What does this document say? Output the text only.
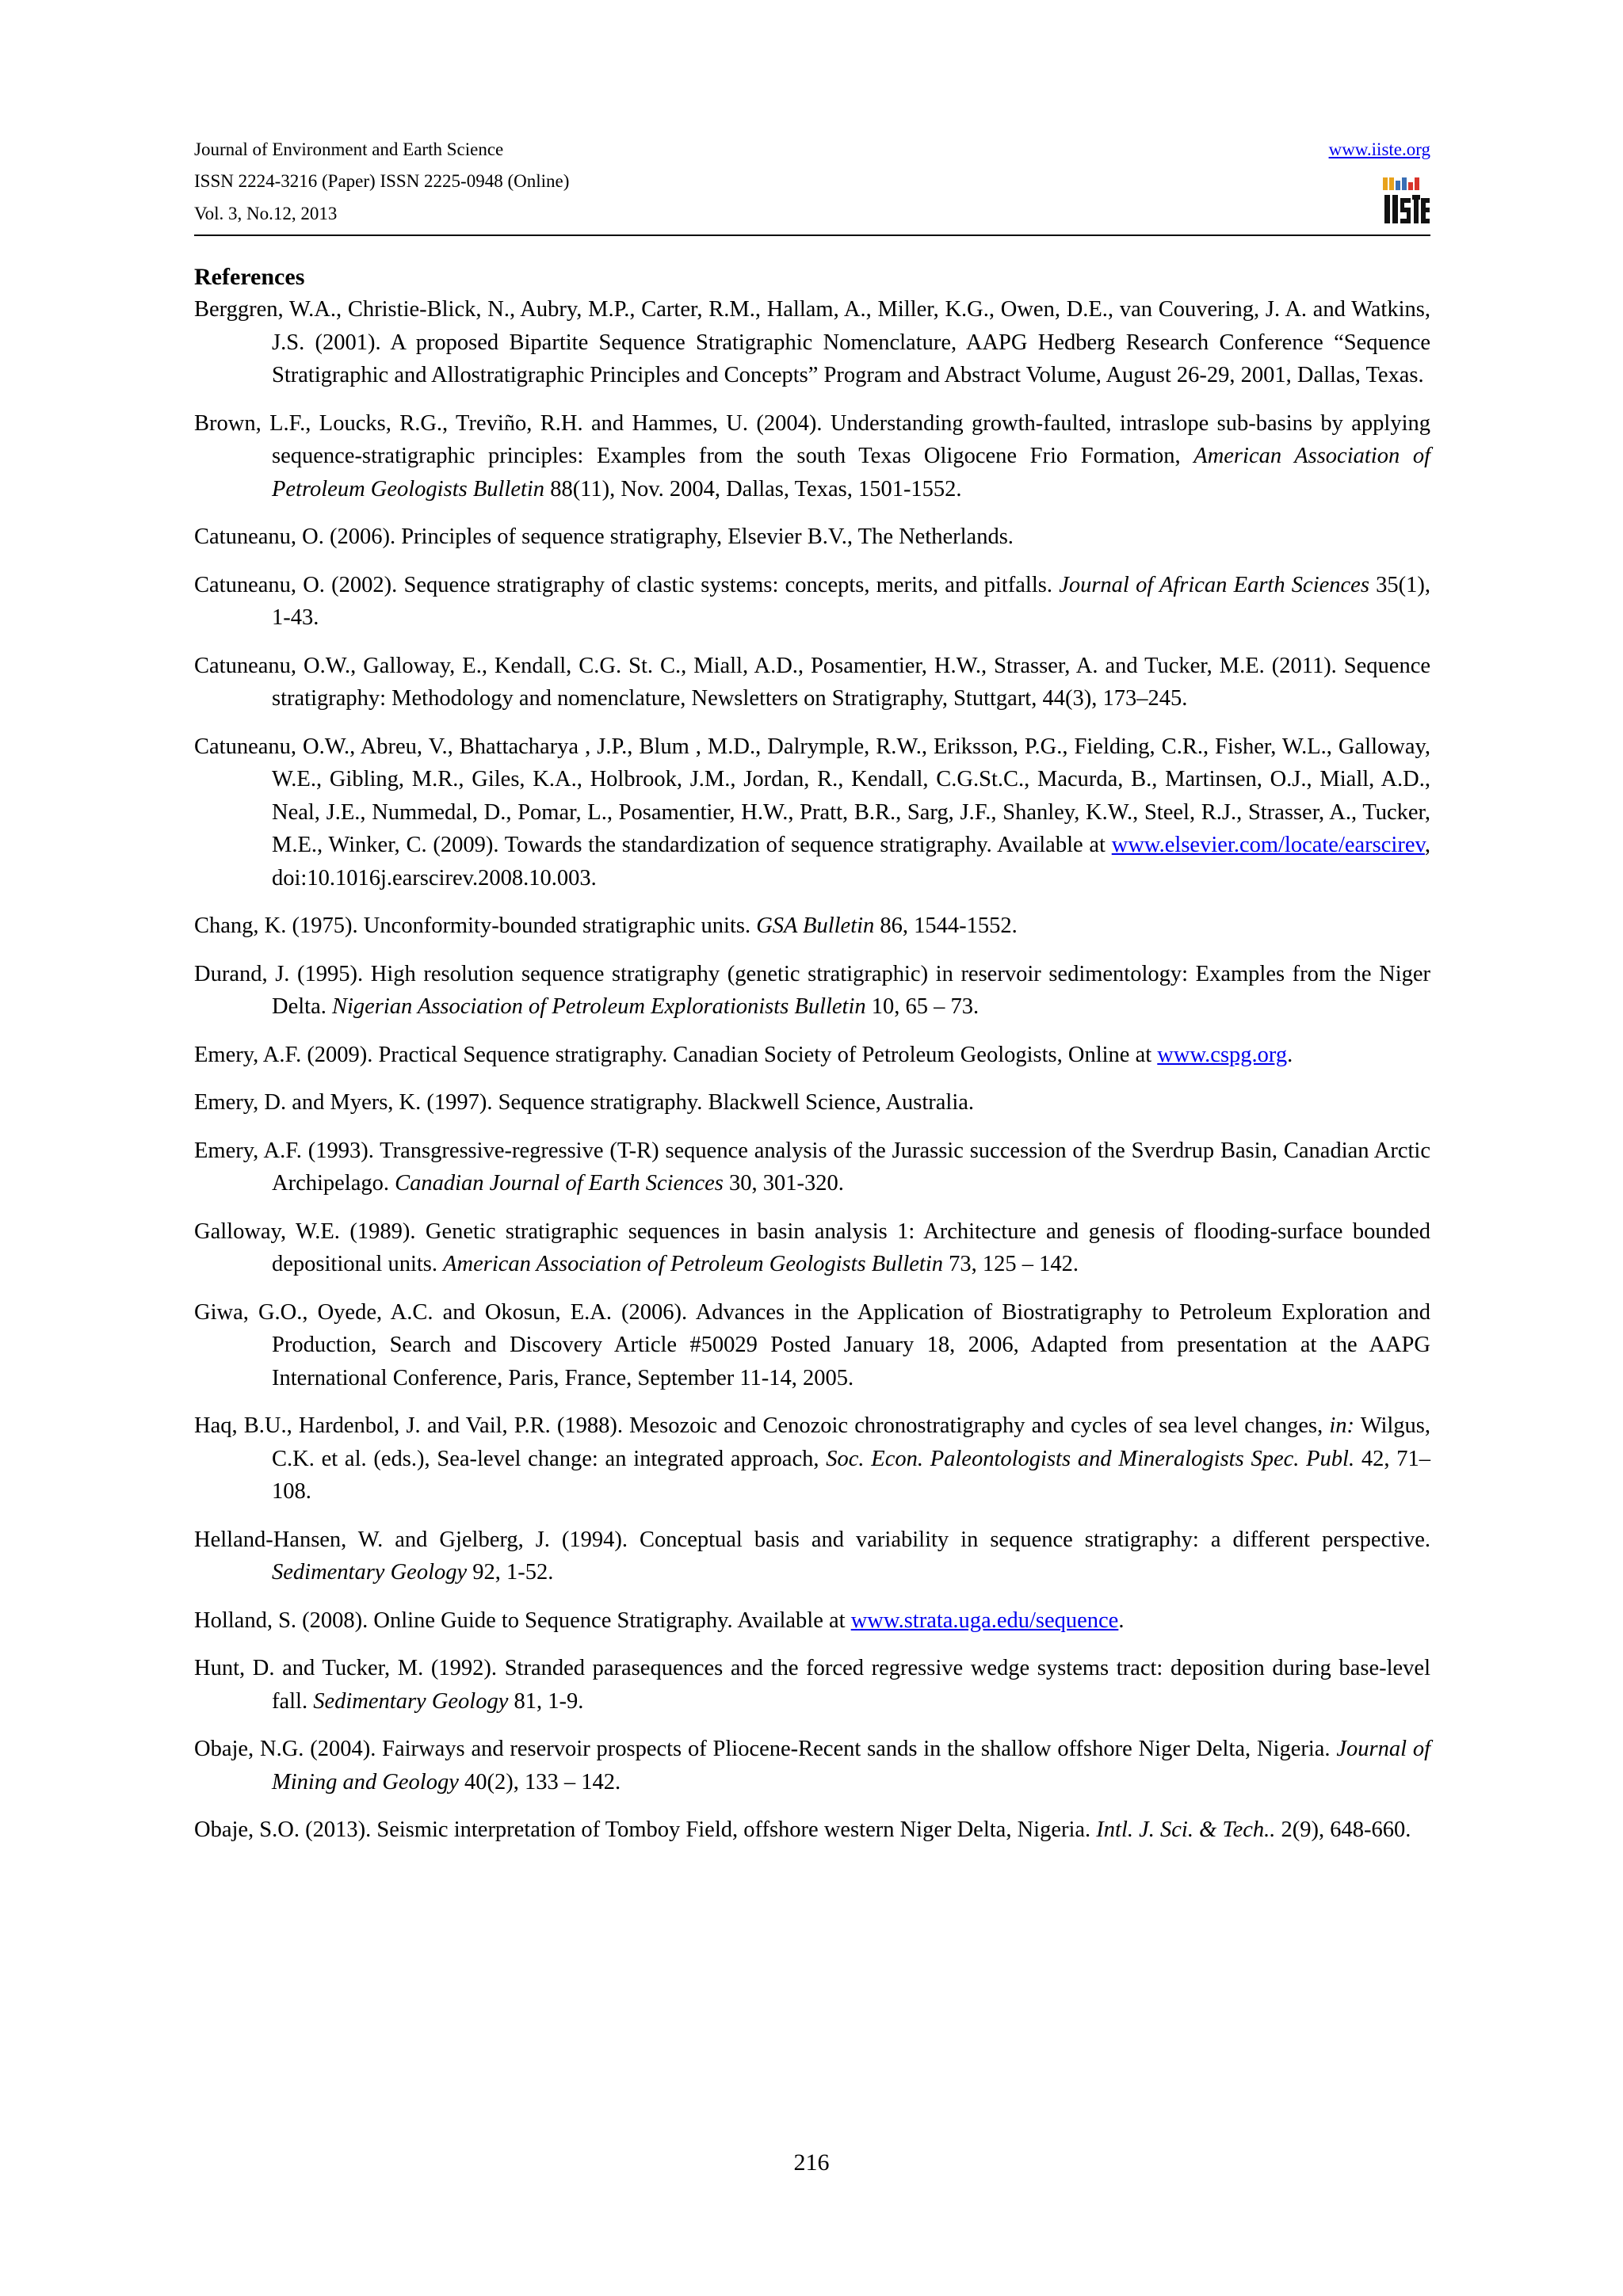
Journal of Environment and Earth Science
ISSN 2224-3216 (Paper) ISSN 2225-0948 (Online)
Vol. 3, No.12, 2013
www.iiste.org
References
Berggren, W.A., Christie-Blick, N., Aubry, M.P., Carter, R.M., Hallam, A., Miller, K.G., Owen, D.E., van Couvering, J. A. and Watkins, J.S. (2001). A proposed Bipartite Sequence Stratigraphic Nomenclature, AAPG Hedberg Research Conference “Sequence Stratigraphic and Allostratigraphic Principles and Concepts” Program and Abstract Volume, August 26-29, 2001, Dallas, Texas.
Brown, L.F., Loucks, R.G., Treviño, R.H. and Hammes, U. (2004). Understanding growth-faulted, intraslope sub-basins by applying sequence-stratigraphic principles: Examples from the south Texas Oligocene Frio Formation, American Association of Petroleum Geologists Bulletin 88(11), Nov. 2004, Dallas, Texas, 1501-1552.
Catuneanu, O. (2006). Principles of sequence stratigraphy, Elsevier B.V., The Netherlands.
Catuneanu, O. (2002). Sequence stratigraphy of clastic systems: concepts, merits, and pitfalls. Journal of African Earth Sciences 35(1), 1-43.
Catuneanu, O.W., Galloway, E., Kendall, C.G. St. C., Miall, A.D., Posamentier, H.W., Strasser, A. and Tucker, M.E. (2011). Sequence stratigraphy: Methodology and nomenclature, Newsletters on Stratigraphy, Stuttgart, 44(3), 173–245.
Catuneanu, O.W., Abreu, V., Bhattacharya , J.P., Blum , M.D., Dalrymple, R.W., Eriksson, P.G., Fielding, C.R., Fisher, W.L., Galloway, W.E., Gibling, M.R., Giles, K.A., Holbrook, J.M., Jordan, R., Kendall, C.G.St.C., Macurda, B., Martinsen, O.J., Miall, A.D., Neal, J.E., Nummedal, D., Pomar, L., Posamentier, H.W., Pratt, B.R., Sarg, J.F., Shanley, K.W., Steel, R.J., Strasser, A., Tucker, M.E., Winker, C. (2009). Towards the standardization of sequence stratigraphy. Available at www.elsevier.com/locate/earscirev, doi:10.1016j.earscirev.2008.10.003.
Chang, K. (1975). Unconformity-bounded stratigraphic units. GSA Bulletin 86, 1544-1552.
Durand, J. (1995). High resolution sequence stratigraphy (genetic stratigraphic) in reservoir sedimentology: Examples from the Niger Delta. Nigerian Association of Petroleum Explorationists Bulletin 10, 65 – 73.
Emery, A.F. (2009). Practical Sequence stratigraphy. Canadian Society of Petroleum Geologists, Online at www.cspg.org.
Emery, D. and Myers, K. (1997). Sequence stratigraphy. Blackwell Science, Australia.
Emery, A.F. (1993). Transgressive-regressive (T-R) sequence analysis of the Jurassic succession of the Sverdrup Basin, Canadian Arctic Archipelago. Canadian Journal of Earth Sciences 30, 301-320.
Galloway, W.E. (1989). Genetic stratigraphic sequences in basin analysis 1: Architecture and genesis of flooding-surface bounded depositional units. American Association of Petroleum Geologists Bulletin 73, 125 – 142.
Giwa, G.O., Oyede, A.C. and Okosun, E.A. (2006). Advances in the Application of Biostratigraphy to Petroleum Exploration and Production, Search and Discovery Article #50029 Posted January 18, 2006, Adapted from presentation at the AAPG International Conference, Paris, France, September 11-14, 2005.
Haq, B.U., Hardenbol, J. and Vail, P.R. (1988). Mesozoic and Cenozoic chronostratigraphy and cycles of sea level changes, in: Wilgus, C.K. et al. (eds.), Sea-level change: an integrated approach, Soc. Econ. Paleontologists and Mineralogists Spec. Publ. 42, 71–108.
Helland-Hansen, W. and Gjelberg, J. (1994). Conceptual basis and variability in sequence stratigraphy: a different perspective. Sedimentary Geology 92, 1-52.
Holland, S. (2008). Online Guide to Sequence Stratigraphy. Available at www.strata.uga.edu/sequence.
Hunt, D. and Tucker, M. (1992). Stranded parasequences and the forced regressive wedge systems tract: deposition during base-level fall. Sedimentary Geology 81, 1-9.
Obaje, N.G. (2004). Fairways and reservoir prospects of Pliocene-Recent sands in the shallow offshore Niger Delta, Nigeria. Journal of Mining and Geology 40(2), 133 – 142.
Obaje, S.O. (2013). Seismic interpretation of Tomboy Field, offshore western Niger Delta, Nigeria. Intl. J. Sci. & Tech.. 2(9), 648-660.
216
